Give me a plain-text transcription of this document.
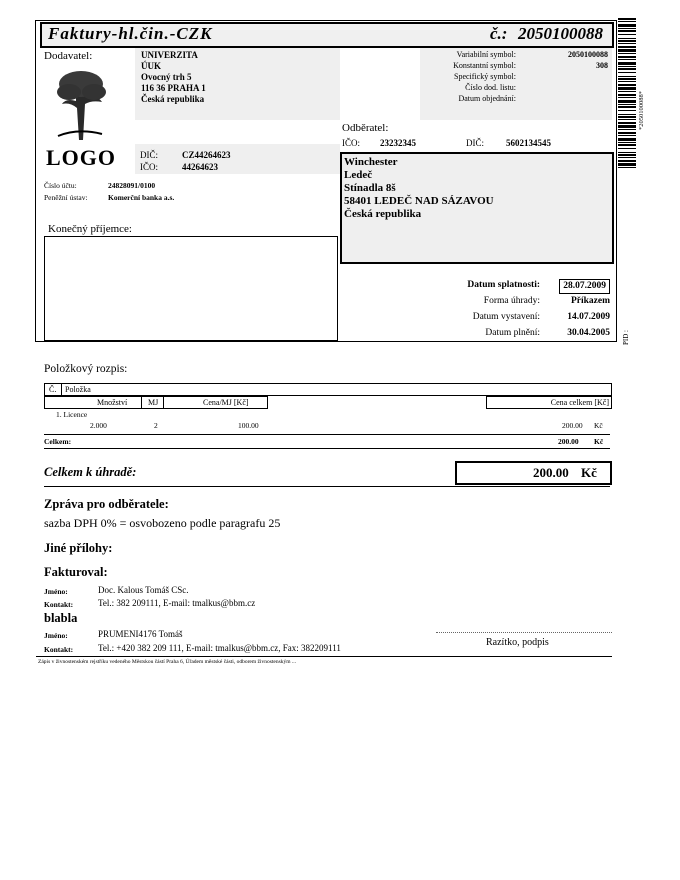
Faktury-hl.čin.-CZK	č.: 2050100088
*2050100088*
PID :
Dodavatel:	UNIVERZITA
ÚUK
Ovocný trh 5
116 36 PRAHA 1
Česká republika
LOGO	DIČ:	CZ44264623
IČO:	44264623
Číslo účtu:	24828091/0100
Peněžní ústav:	Komerční banka a.s.
Variabilní symbol:	2050100088
Konstantní symbol:	308
Specifický symbol:
Číslo dod. listu:
Datum objednání:
Odběratel:
IČO: 23232345	DIČ: 5602134545
Winchester
Ledeč
Stínadla 8š
58401 LEDEČ NAD SÁZAVOU
Česká republika
Konečný příjemce:
Datum splatnosti:	28.07.2009
Forma úhrady:	Příkazem
Datum vystavení:	14.07.2009
Datum plnění:	30.04.2005
Položkový rozpis:
Č. Položka
Množství	MJ	Cena/MJ [Kč]	Cena celkem [Kč]
1. Licence
2.000	2	100.00	200.00 Kč
Celkem:	200.00 Kč
Celkem k úhradě:	200.00 Kč
Zpráva pro odběratele:
sazba DPH 0% = osvobozeno podle paragrafu 25
Jiné přílohy:
Fakturoval:
Jméno:	Doc. Kalous Tomáš CSc.
Kontakt:	Tel.: 382 209111, E-mail: tmalkus@bbm.cz
blabla
Jméno:	PRUMENI4176 Tomáš
Kontakt:	Tel.: +420 382 209 111, E-mail: tmalkus@bbm.cz, Fax: 382209111	Razítko, podpis
Zápis v živnostenském rejstříku vedeného Městskou částí Praha 6, Úřadem městské části, odborem živnostenským ...
